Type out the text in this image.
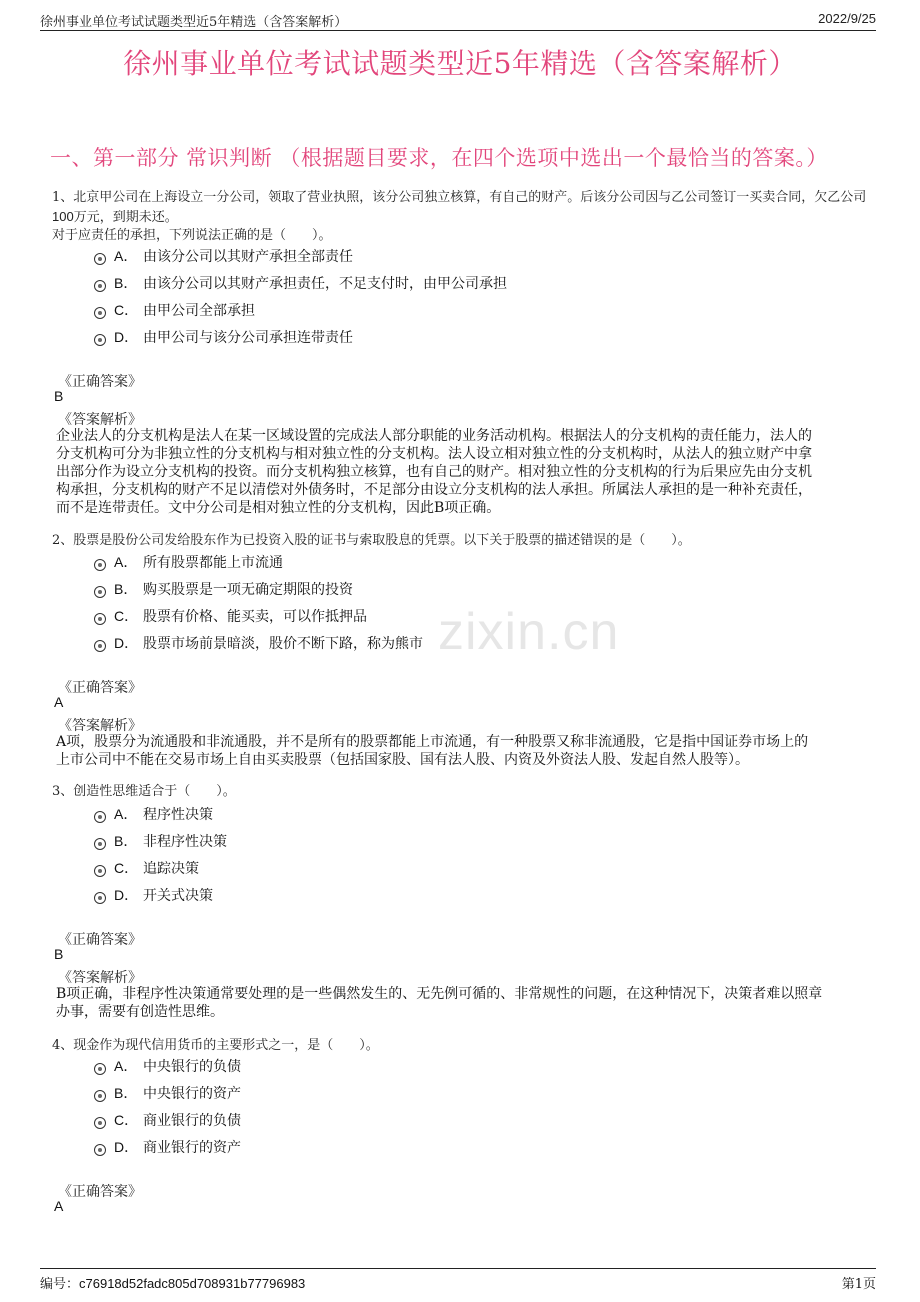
徐州事业单位考试试题类型近5年精选（含答案解析）	2022/9/25
徐州事业单位考试试题类型近5年精选（含答案解析）
一、第一部分 常识判断 （根据题目要求，在四个选项中选出一个最恰当的答案。）
zixin.cn
1、北京甲公司在上海设立一分公司，领取了营业执照，该分公司独立核算，有自己的财产。后该分公司因与乙公司签订一买卖合同，欠乙公司
100万元，到期未还。
对于应责任的承担，下列说法正确的是（　　）。
A． 由该分公司以其财产承担全部责任
B． 由该分公司以其财产承担责任，不足支付时，由甲公司承担
C． 由甲公司全部承担
D． 由甲公司与该分公司承担连带责任
《正确答案》
B
《答案解析》
企业法人的分支机构是法人在某一区域设置的完成法人部分职能的业务活动机构。根据法人的分支机构的责任能力，法人的
分支机构可分为非独立性的分支机构与相对独立性的分支机构。法人设立相对独立性的分支机构时，从法人的独立财产中拿
出部分作为设立分支机构的投资。而分支机构独立核算，也有自己的财产。相对独立性的分支机构的行为后果应先由分支机
构承担，分支机构的财产不足以清偿对外债务时，不足部分由设立分支机构的法人承担。所属法人承担的是一种补充责任，
而不是连带责任。文中分公司是相对独立性的分支机构，因此B项正确。
2、股票是股份公司发给股东作为已投资入股的证书与索取股息的凭票。以下关于股票的描述错误的是（　　）。
A． 所有股票都能上市流通
B． 购买股票是一项无确定期限的投资
C． 股票有价格、能买卖，可以作抵押品
D． 股票市场前景暗淡，股价不断下路，称为熊市
《正确答案》
A
《答案解析》
A项，股票分为流通股和非流通股，并不是所有的股票都能上市流通，有一种股票又称非流通股，它是指中国证券市场上的
上市公司中不能在交易市场上自由买卖股票（包括国家股、国有法人股、内资及外资法人股、发起自然人股等）。
3、创造性思维适合于（　　）。
A． 程序性决策
B． 非程序性决策
C． 追踪决策
D． 开关式决策
《正确答案》
B
《答案解析》
B项正确，非程序性决策通常要处理的是一些偶然发生的、无先例可循的、非常规性的问题，在这种情况下，决策者难以照章
办事，需要有创造性思维。
4、现金作为现代信用货币的主要形式之一，是（　　）。
A． 中央银行的负债
B． 中央银行的资产
C． 商业银行的负债
D． 商业银行的资产
《正确答案》
A
编号：c76918d52fadc805d708931b77796983	第1页
